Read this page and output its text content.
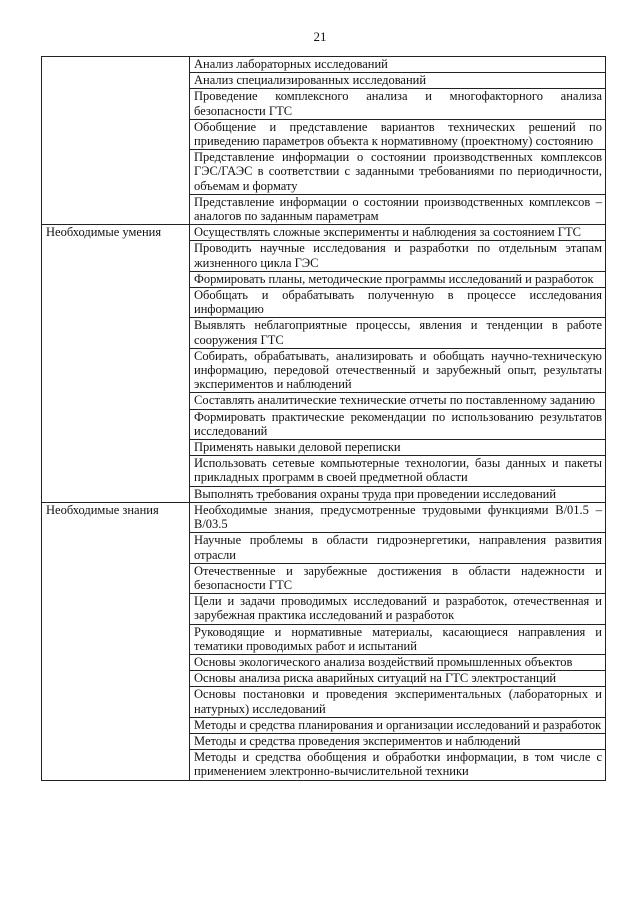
21
	Анализ лабораторных исследований
	Анализ специализированных исследований
	Проведение комплексного анализа и многофакторного анализа безопасности ГТС
	Обобщение и представление вариантов технических решений по приведению параметров объекта к нормативному (проектному) состоянию
	Представление информации о состоянии производственных комплексов ГЭС/ГАЭС в соответствии с заданными требованиями по периодичности, объемам и формату
	Представление информации о состоянии производственных комплексов – аналогов по заданным параметрам
Необходимые умения	Осуществлять сложные эксперименты и наблюдения за состоянием ГТС
	Проводить научные исследования и разработки по отдельным этапам жизненного цикла ГЭС
	Формировать планы, методические программы исследований и разработок
	Обобщать и обрабатывать полученную в процессе исследования информацию
	Выявлять неблагоприятные процессы, явления и тенденции в работе сооружения ГТС
	Собирать, обрабатывать, анализировать и обобщать научно-техническую информацию, передовой отечественный и зарубежный опыт, результаты экспериментов и наблюдений
	Составлять аналитические технические отчеты по поставленному заданию
	Формировать практические рекомендации по использованию результатов исследований
	Применять навыки деловой переписки
	Использовать сетевые компьютерные технологии, базы данных и пакеты прикладных программ в своей предметной области
	Выполнять требования охраны труда при проведении исследований
Необходимые знания	Необходимые знания, предусмотренные трудовыми функциями В/01.5 – В/03.5
	Научные проблемы в области гидроэнергетики, направления развития отрасли
	Отечественные и зарубежные достижения в области надежности и безопасности ГТС
	Цели и задачи проводимых исследований и разработок, отечественная и зарубежная практика исследований и разработок
	Руководящие и нормативные материалы, касающиеся направления и тематики проводимых работ и испытаний
	Основы экологического анализа воздействий промышленных объектов
	Основы анализа риска аварийных ситуаций на ГТС электростанций
	Основы постановки и проведения экспериментальных (лабораторных и натурных) исследований
	Методы и средства планирования и организации исследований и разработок
	Методы и средства проведения экспериментов и наблюдений
	Методы и средства обобщения и обработки информации, в том числе с применением электронно-вычислительной техники
